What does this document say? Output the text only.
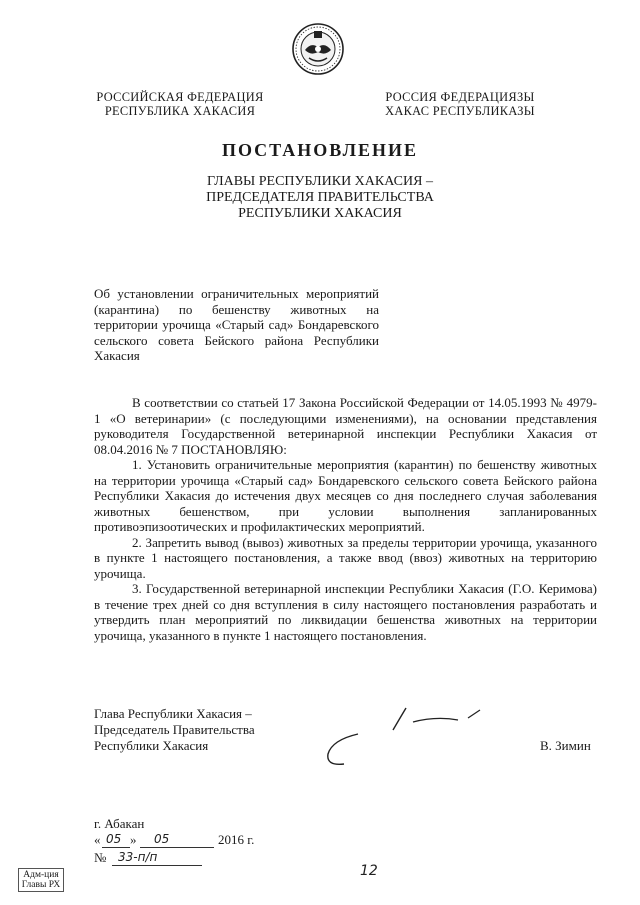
РОССИЙСКАЯ ФЕДЕРАЦИЯ
РЕСПУБЛИКА ХАКАСИЯ
РОССИЯ ФЕДЕРАЦИЯЗЫ
ХАКАС РЕСПУБЛИКАЗЫ
ПОСТАНОВЛЕНИЕ
ГЛАВЫ РЕСПУБЛИКИ ХАКАСИЯ –
ПРЕДСЕДАТЕЛЯ ПРАВИТЕЛЬСТВА
РЕСПУБЛИКИ ХАКАСИЯ
Об установлении ограничительных мероприятий (карантина) по бешенству животных на территории урочища «Старый сад» Бондаревского сельского совета Бейского района Республики Хакасия

В соответствии со статьей 17 Закона Российской Федерации от 14.05.1993 № 4979-1 «О ветеринарии» (с последующими изменениями), на основании представления руководителя Государственной ветеринарной инспекции Республики Хакасия от 08.04.2016 № 7 ПОСТАНОВЛЯЮ:

1. Установить ограничительные мероприятия (карантин) по бешенству животных на территории урочища «Старый сад» Бондаревского сельского совета Бейского района Республики Хакасия до истечения двух месяцев со дня последнего случая заболевания животных бешенством, при условии выполнения запланированных противоэпизоотических и профилактических мероприятий.

2. Запретить вывод (вывоз) животных за пределы территории урочища, указанного в пункте 1 настоящего постановления, а также ввод (ввоз) животных на территорию урочища.

3. Государственной ветеринарной инспекции Республики Хакасия (Г.О. Керимова) в течение трех дней со дня вступления в силу настоящего постановления разработать и утвердить план мероприятий по ликвидации бешенства животных на территории урочища, указанного в пункте 1 настоящего постановления.

Глава Республики Хакасия –
Председатель Правительства
Республики Хакасия	В. Зимин
г. Абакан
« 05 » 05	2016 г.
№ 33-п/п
Адм-ция
Главы РХ
12
